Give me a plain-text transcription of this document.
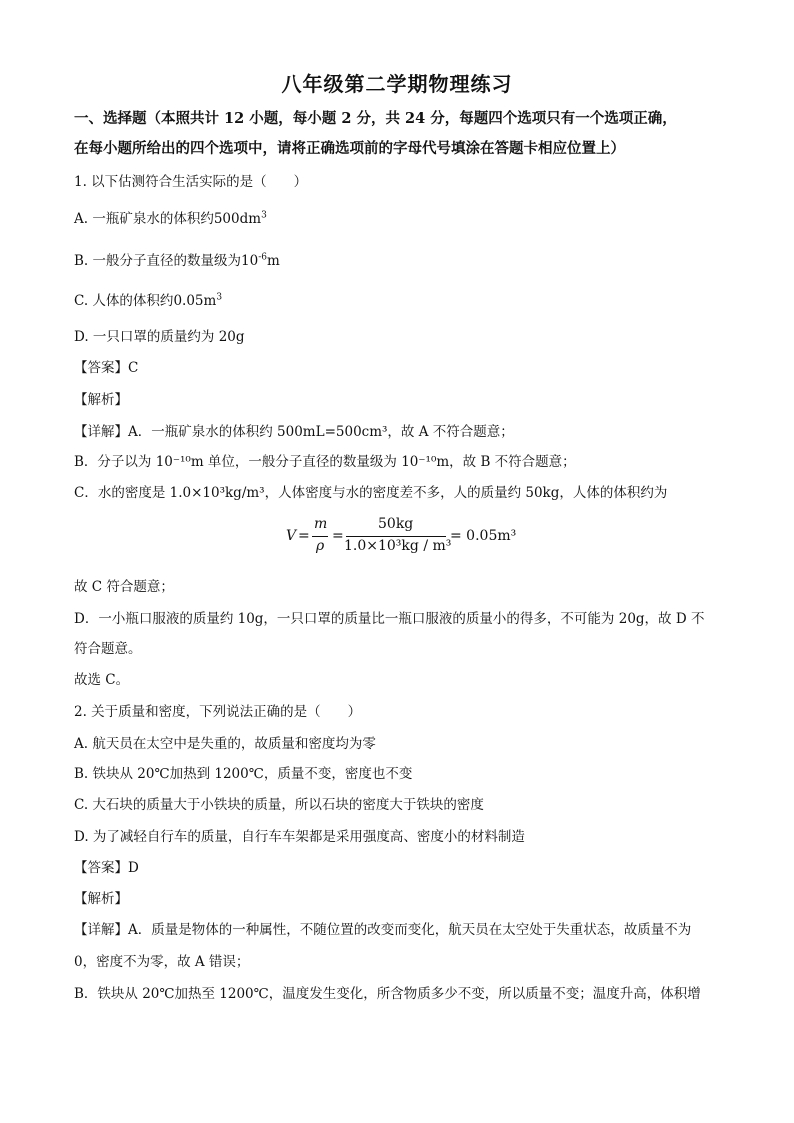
八年级第二学期物理练习
一、选择题（本照共计 12 小题，每小题 2 分，共 24 分，每题四个选项只有一个选项正确，
在每小题所给出的四个选项中，请将正确选项前的字母代号填涂在答题卡相应位置上）
1. 以下估测符合生活实际的是（　　）
A. 一瓶矿泉水的体积约$500dm^3$
B. 一般分子直径的数量级为$10^{-6}m$
C. 人体的体积约$0.05m^3$
D. 一只口罩的质量约为 20g
【答案】C
【解析】
【详解】A．一瓶矿泉水的体积约 500mL=500cm³，故 A 不符合题意；
B．分子以为 10⁻¹⁰m 单位，一般分子直径的数量级为 10⁻¹⁰m，故 B 不符合题意；
C．水的密度是 1.0×10³kg/m³，人体密度与水的密度差不多，人的质量约 50kg，人体的体积约为
V =
m
ρ
=
50kg
1.0×10³kg / m³
= 0.05m³
故 C 符合题意；
D．一小瓶口服液的质量约 10g，一只口罩的质量比一瓶口服液的质量小的得多，不可能为 20g，故 D 不
符合题意。
故选 C。
2. 关于质量和密度，下列说法正确的是（　　）
A. 航天员在太空中是失重的，故质量和密度均为零
B. 铁块从 20℃加热到 1200℃，质量不变，密度也不变
C. 大石块的质量大于小铁块的质量，所以石块的密度大于铁块的密度
D. 为了减轻自行车的质量，自行车车架都是采用强度高、密度小的材料制造
【答案】D
【解析】
【详解】A．质量是物体的一种属性，不随位置的改变而变化，航天员在太空处于失重状态，故质量不为
0，密度不为零，故 A 错误；
B．铁块从 20℃加热至 1200℃，温度发生变化，所含物质多少不变，所以质量不变；温度升高，体积增
